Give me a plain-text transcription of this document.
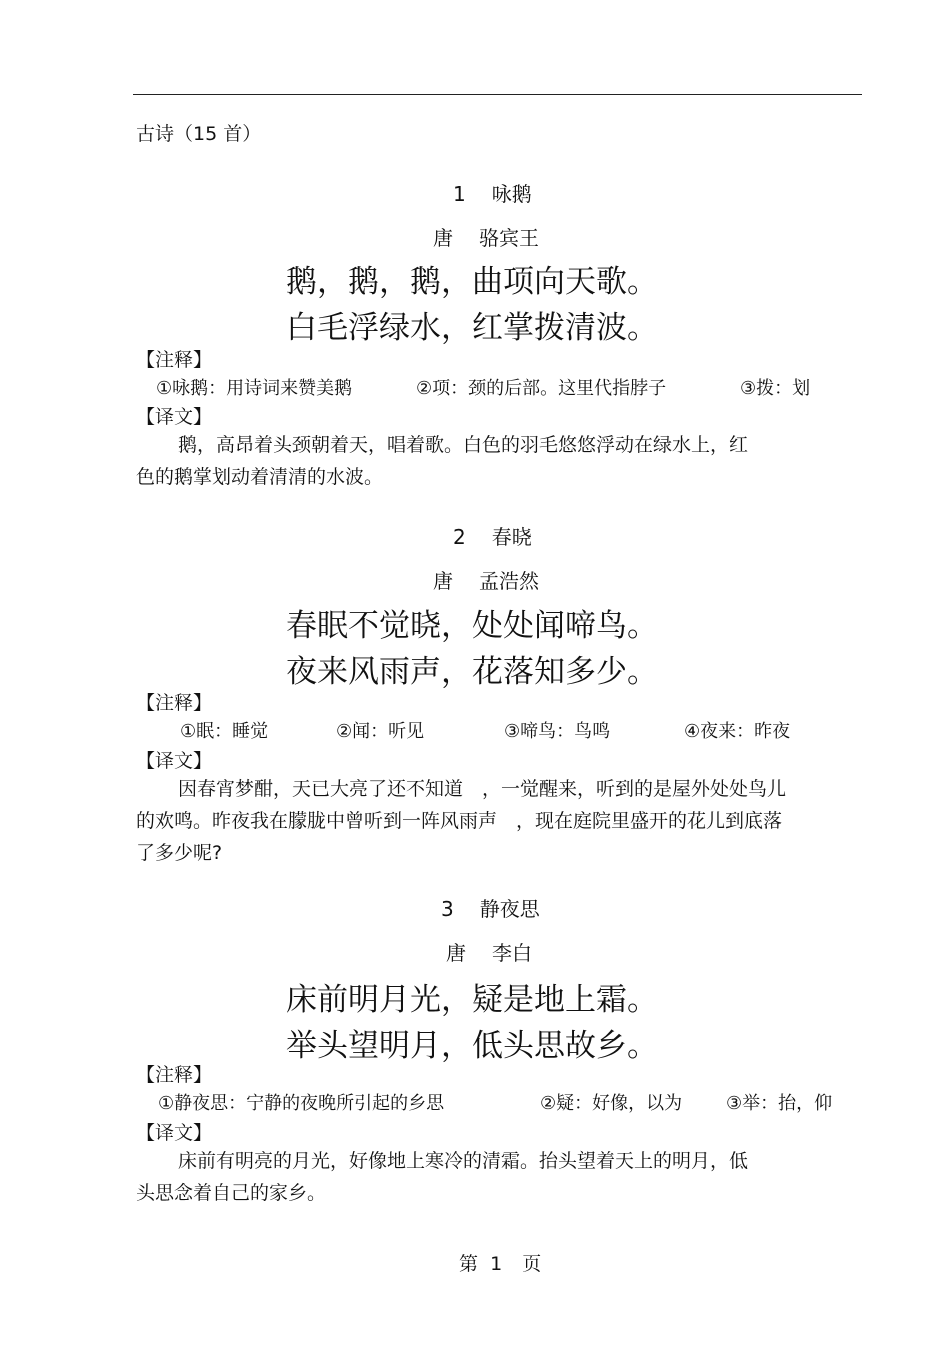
古诗（15 首）
1 咏鹅
唐 骆宾王
鹅，鹅，鹅，曲项向天歌。
白毛浮绿水，红掌拨清波。
【注释】
①咏鹅：用诗词来赞美鹅	②项：颈的后部。这里代指脖子	③拨：划
【译文】

鹅，高昂着头颈朝着天，唱着歌。白色的羽毛悠悠浮动在绿水上，红

色的鹅掌划动着清清的水波。

2 春晓
唐 孟浩然
春眠不觉晓，处处闻啼鸟。
夜来风雨声，花落知多少。
【注释】
①眠：睡觉	②闻：听见	③啼鸟：鸟鸣	④夜来：昨夜
【译文】

因春宵梦酣，天已大亮了还不知道　，一觉醒来，听到的是屋外处处鸟儿

的欢鸣。昨夜我在朦胧中曾听到一阵风雨声　，现在庭院里盛开的花儿到底落

了多少呢?

3 静夜思
唐 李白
床前明月光，疑是地上霜。
举头望明月，低头思故乡。
【注释】
①静夜思：宁静的夜晚所引起的乡思	②疑：好像，以为 ③举：抬，仰
【译文】

床前有明亮的月光，好像地上寒冷的清霜。抬头望着天上的明月，低

头思念着自己的家乡。

第 1 页
